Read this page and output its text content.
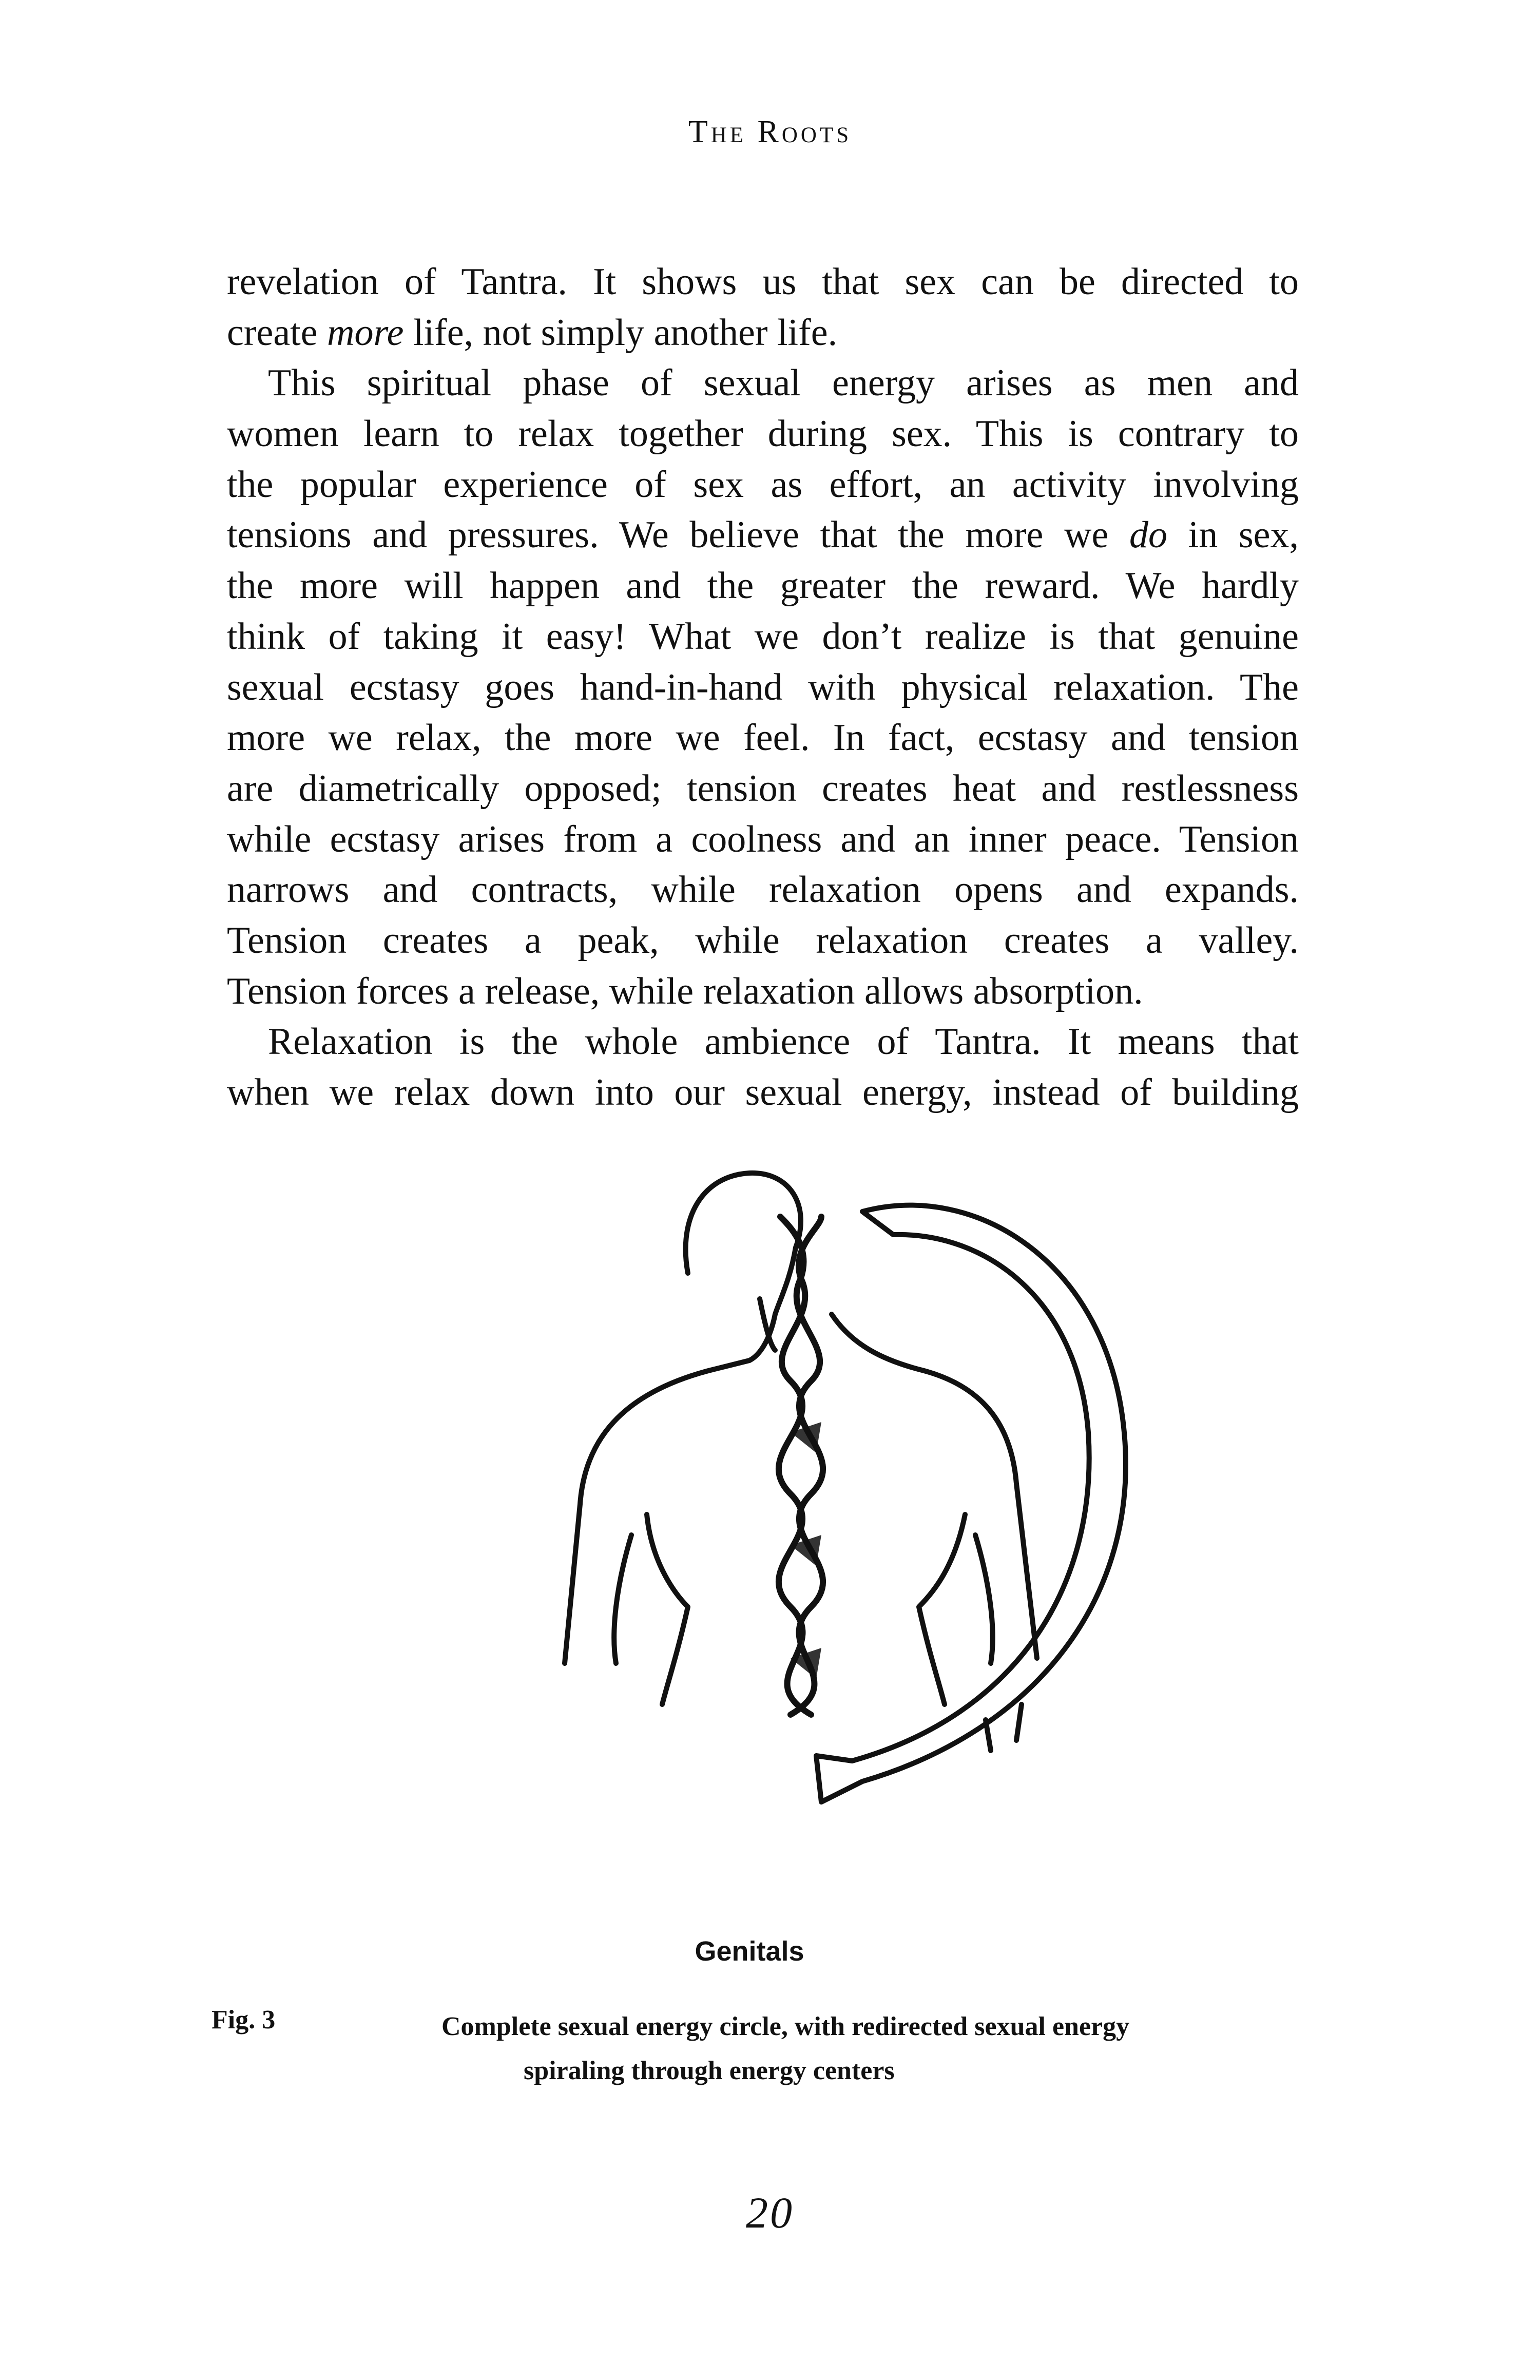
The Roots
revelation of Tantra. It shows us that sex can be directed to
create more life, not simply another life.
This spiritual phase of sexual energy arises as men and
women learn to relax together during sex. This is contrary to
the popular experience of sex as effort, an activity involving
tensions and pressures. We believe that the more we do in sex,
the more will happen and the greater the reward. We hardly
think of taking it easy! What we don’t realize is that genuine
sexual ecstasy goes hand-in-hand with physical relaxation. The
more we relax, the more we feel. In fact, ecstasy and tension
are diametrically opposed; tension creates heat and restlessness
while ecstasy arises from a coolness and an inner peace. Tension
narrows and contracts, while relaxation opens and expands.
Tension creates a peak, while relaxation creates a valley.
Tension forces a release, while relaxation allows absorption.
Relaxation is the whole ambience of Tantra. It means that
when we relax down into our sexual energy, instead of building
Genitals
Fig. 3	Complete sexual energy circle, with redirected sexual energy
spiraling through energy centers
20
